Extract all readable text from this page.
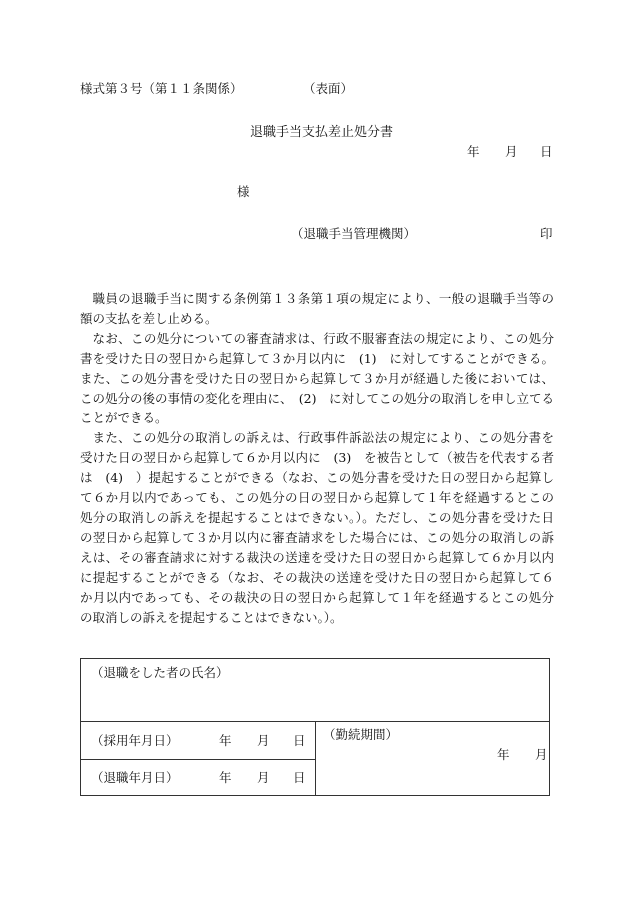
様式第３号（第１１条関係）	（表面）
退職手当支払差止処分書
年 月 日
様
（退職手当管理機関）	印

職員の退職手当に関する条例第１３条第１項の規定により、一般の退職手当等の額の支払を差し止める。

なお、この処分についての審査請求は、行政不服審査法の規定により、この処分書を受けた日の翌日から起算して３か月以内に　(1)　に対してすることができる。また、この処分書を受けた日の翌日から起算して３か月が経過した後においては、この処分の後の事情の変化を理由に、　(2)　に対してこの処分の取消しを申し立てることができる。

また、この処分の取消しの訴えは、行政事件訴訟法の規定により、この処分書を受けた日の翌日から起算して６か月以内に　(3)　を被告として（被告を代表する者は　(4)　）提起することができる（なお、この処分書を受けた日の翌日から起算して６か月以内であっても、この処分の日の翌日から起算して１年を経過するとこの処分の取消しの訴えを提起することはできない。）。ただし、この処分書を受けた日の翌日から起算して３か月以内に審査請求をした場合には、この処分の取消しの訴えは、その審査請求に対する裁決の送達を受けた日の翌日から起算して６か月以内に提起することができる（なお、その裁決の送達を受けた日の翌日から起算して６か月以内であっても、その裁決の日の翌日から起算して１年を経過するとこの処分の取消しの訴えを提起することはできない。）。

（退職をした者の氏名）
（採用年月日）	年 月 日
（退職年月日）	年 月 日
（勤続期間）
年 月
